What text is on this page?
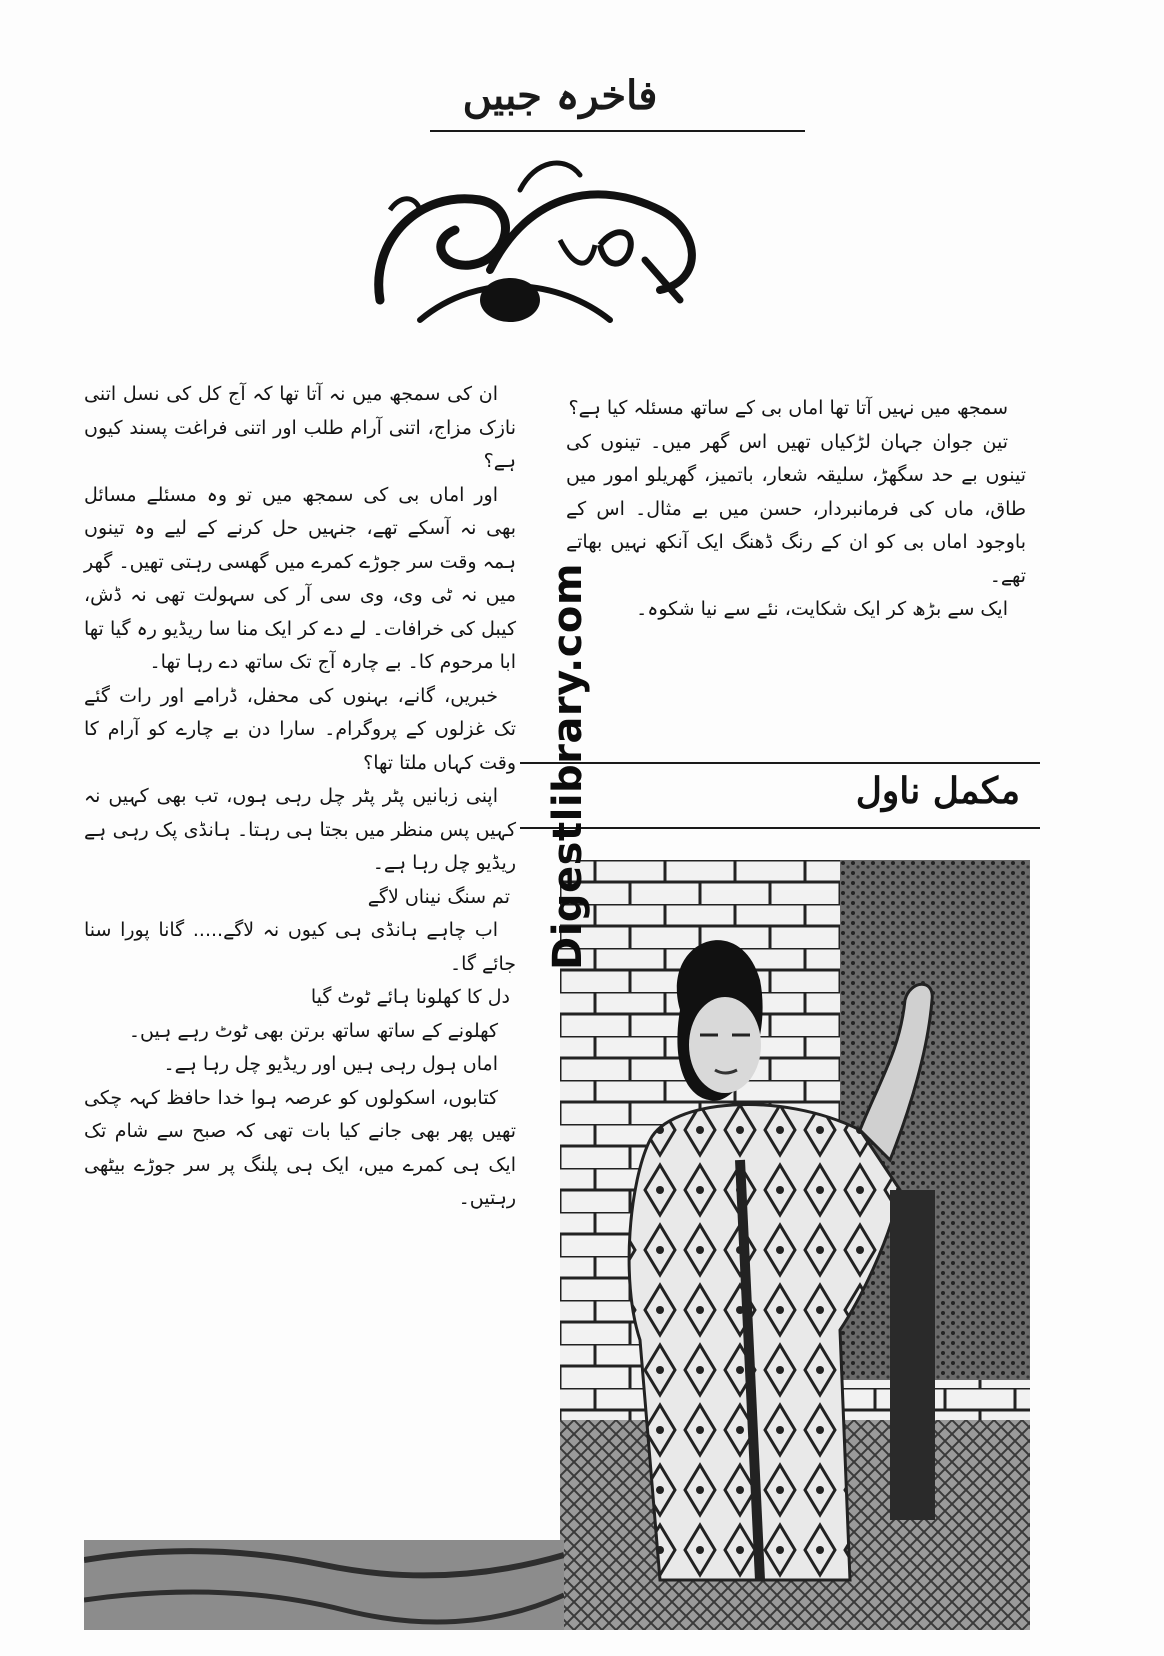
فاخرہ جبیں

سمجھ میں نہیں آتا تھا اماں بی کے ساتھ مسئلہ کیا ہے؟

تین جوان جہان لڑکیاں تھیں اس گھر میں۔ تینوں کی تینوں بے حد سگھڑ، سلیقہ شعار، باتمیز، گھریلو امور میں طاق، ماں کی فرمانبردار، حسن میں بے مثال۔ اس کے باوجود اماں بی کو ان کے رنگ ڈھنگ ایک آنکھ نہیں بھاتے تھے۔

ایک سے بڑھ کر ایک شکایت، نئے سے نیا شکوہ۔

مکمل ناول

ان کی سمجھ میں نہ آتا تھا کہ آج کل کی نسل اتنی نازک مزاج، اتنی آرام طلب اور اتنی فراغت پسند کیوں ہے؟

اور اماں بی کی سمجھ میں تو وہ مسئلے مسائل بھی نہ آسکے تھے، جنہیں حل کرنے کے لیے وہ تینوں ہمہ وقت سر جوڑے کمرے میں گھسی رہتی تھیں۔ گھر میں نہ ٹی وی، وی سی آر کی سہولت تھی نہ ڈش، کیبل کی خرافات۔ لے دے کر ایک منا سا ریڈیو رہ گیا تھا ابا مرحوم کا۔ بے چارہ آج تک ساتھ دے رہا تھا۔

خبریں، گانے، بہنوں کی محفل، ڈرامے اور رات گئے تک غزلوں کے پروگرام۔ سارا دن بے چارے کو آرام کا وقت کہاں ملتا تھا؟

اپنی زبانیں پٹر پٹر چل رہی ہوں، تب بھی کہیں نہ کہیں پس منظر میں بجتا ہی رہتا۔ ہانڈی پک رہی ہے ریڈیو چل رہا ہے۔

تم سنگ نیناں لاگے

اب چاہے ہانڈی ہی کیوں نہ لاگے..... گانا پورا سنا جائے گا۔

دل کا کھلونا ہائے ٹوٹ گیا

کھلونے کے ساتھ ساتھ برتن بھی ٹوٹ رہے ہیں۔

اماں ہول رہی ہیں اور ریڈیو چل رہا ہے۔

کتابوں، اسکولوں کو عرصہ ہوا خدا حافظ کہہ چکی تھیں پھر بھی جانے کیا بات تھی کہ صبح سے شام تک ایک ہی کمرے میں، ایک ہی پلنگ پر سر جوڑے بیٹھی رہتیں۔

Digestlibrary.com
